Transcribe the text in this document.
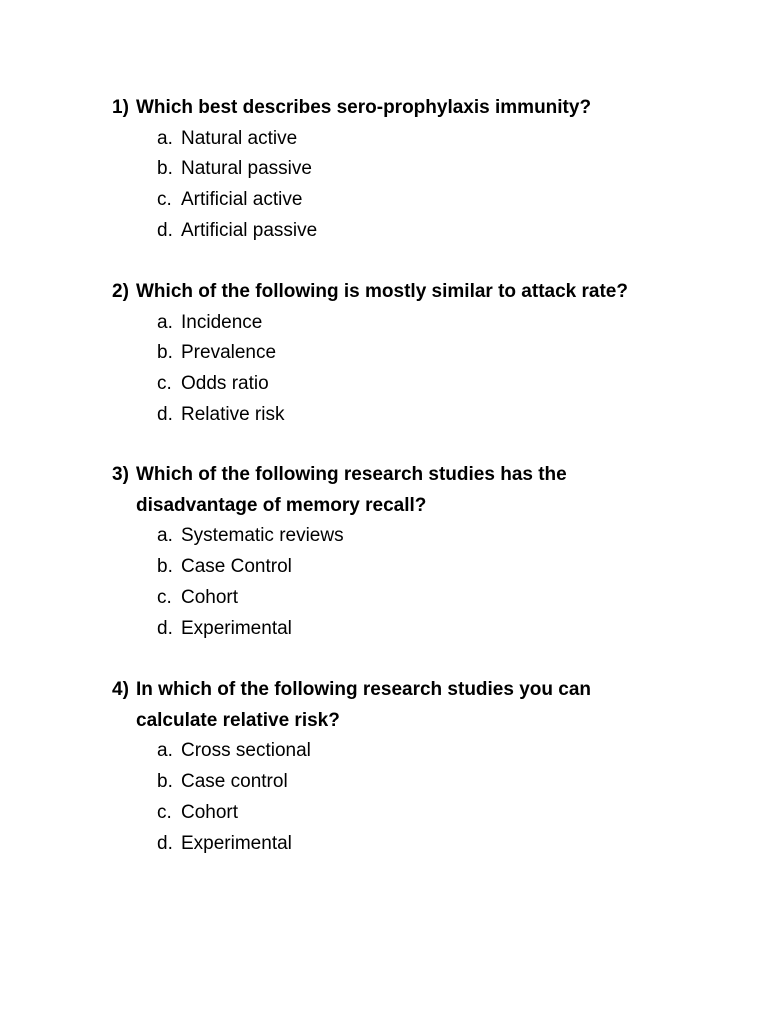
1) Which best describes sero-prophylaxis immunity?
a. Natural active
b. Natural passive
c. Artificial active
d. Artificial passive
2) Which of the following is mostly similar to attack rate?
a. Incidence
b. Prevalence
c. Odds ratio
d. Relative risk
3) Which of the following research studies has the disadvantage of memory recall?
a. Systematic reviews
b. Case Control
c. Cohort
d. Experimental
4) In which of the following research studies you can calculate relative risk?
a. Cross sectional
b. Case control
c. Cohort
d. Experimental
